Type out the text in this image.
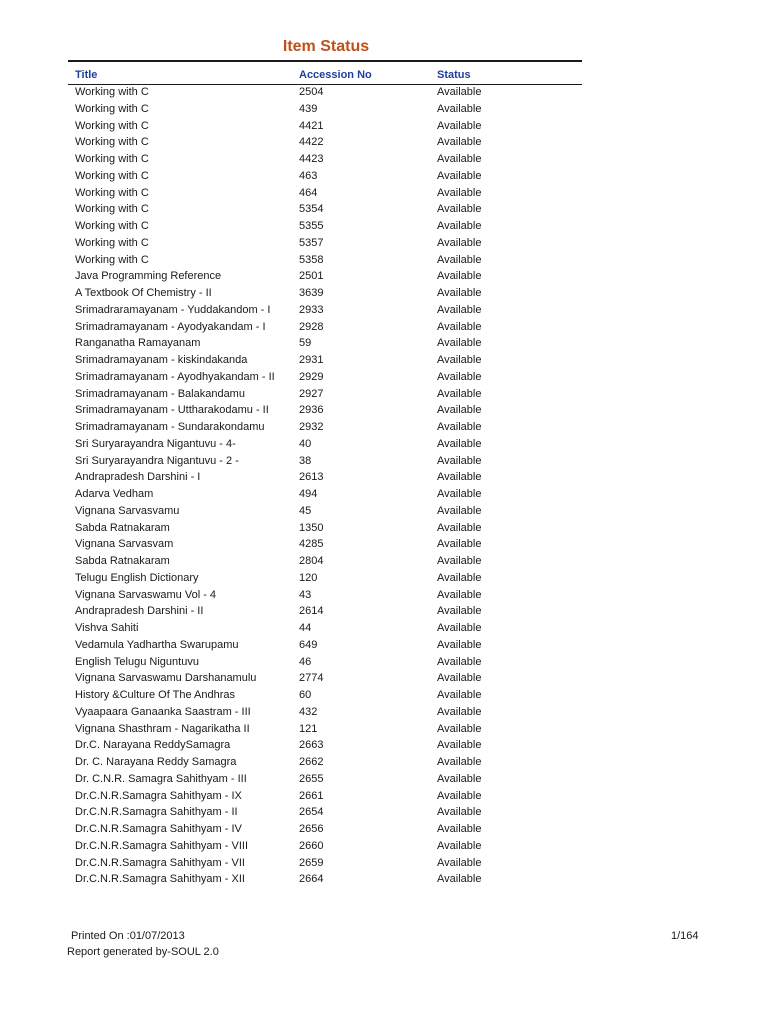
Item Status
Title	Accession No	Status
Working with C	2504	Available
Working with C	439	Available
Working with C	4421	Available
Working with C	4422	Available
Working with C	4423	Available
Working with C	463	Available
Working with C	464	Available
Working with C	5354	Available
Working with C	5355	Available
Working with C	5357	Available
Working with C	5358	Available
Java Programming Reference	2501	Available
A Textbook Of Chemistry - II	3639	Available
Srimadraramayanam - Yuddakandom - I	2933	Available
Srimadramayanam - Ayodyakandam - I	2928	Available
Ranganatha Ramayanam	59	Available
Srimadramayanam - kiskindakanda	2931	Available
Srimadramayanam - Ayodhyakandam - II 2929	Available
Srimadramayanam - Balakandamu	2927	Available
Srimadramayanam - Uttharakodamu - II	2936	Available
Srimadramayanam - Sundarakondamu	2932	Available
Sri Suryarayandra Nigantuvu - 4-	40	Available
Sri Suryarayandra Nigantuvu - 2 -	38	Available
Andrapradesh Darshini - I	2613	Available
Adarva Vedham	494	Available
Vignana Sarvasvamu	45	Available
Sabda Ratnakaram	1350	Available
Vignana Sarvasvam	4285	Available
Sabda Ratnakaram	2804	Available
Telugu English Dictionary	120	Available
Vignana Sarvaswamu Vol - 4	43	Available
Andrapradesh Darshini - II	2614	Available
Vishva Sahiti	44	Available
Vedamula Yadhartha Swarupamu	649	Available
English Telugu Niguntuvu	46	Available
Vignana Sarvaswamu Darshanamulu	2774	Available
History &Culture Of The Andhras	60	Available
Vyaapaara Ganaanka Saastram - III	432	Available
Vignana Shasthram - Nagarikatha II	121	Available
Dr.C. Narayana ReddySamagra	2663	Available
Dr. C. Narayana Reddy Samagra	2662	Available
Dr. C.N.R. Samagra Sahithyam - III	2655	Available
Dr.C.N.R.Samagra Sahithyam - IX	2661	Available
Dr.C.N.R.Samagra Sahithyam - II	2654	Available
Dr.C.N.R.Samagra Sahithyam - IV	2656	Available
Dr.C.N.R.Samagra Sahithyam - VIII	2660	Available
Dr.C.N.R.Samagra Sahithyam - VII	2659	Available
Dr.C.N.R.Samagra Sahithyam - XII	2664	Available
Printed On :01/07/2013	1/164
Report generated by-SOUL 2.0
